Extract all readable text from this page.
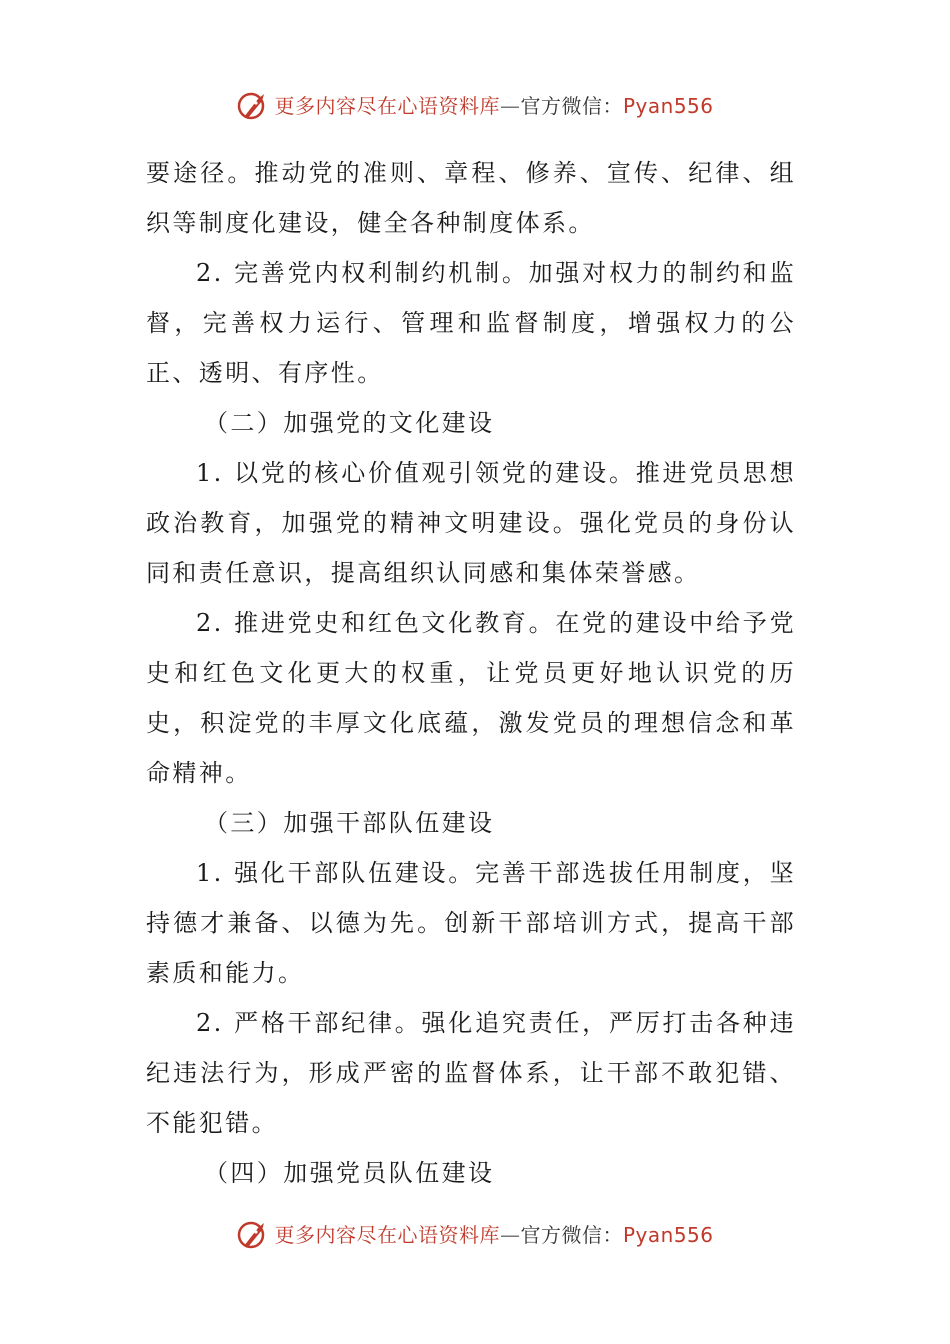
更多内容尽在心语资料库 — 官方微信： Pyan556

要途径。推动党的准则、章程、修养、宣传、纪律、组织等制度化建设，健全各种制度体系。

2. 完善党内权利制约机制。加强对权力的制约和监督，完善权力运行、管理和监督制度，增强权力的公正、透明、有序性。

（二）加强党的文化建设

1. 以党的核心价值观引领党的建设。推进党员思想政治教育，加强党的精神文明建设。强化党员的身份认同和责任意识，提高组织认同感和集体荣誉感。

2. 推进党史和红色文化教育。在党的建设中给予党史和红色文化更大的权重，让党员更好地认识党的历史，积淀党的丰厚文化底蕴，激发党员的理想信念和革命精神。

（三）加强干部队伍建设

1. 强化干部队伍建设。完善干部选拔任用制度，坚持德才兼备、以德为先。创新干部培训方式，提高干部素质和能力。

2. 严格干部纪律。强化追究责任，严厉打击各种违纪违法行为，形成严密的监督体系，让干部不敢犯错、不能犯错。

（四）加强党员队伍建设

更多内容尽在心语资料库 — 官方微信： Pyan556
